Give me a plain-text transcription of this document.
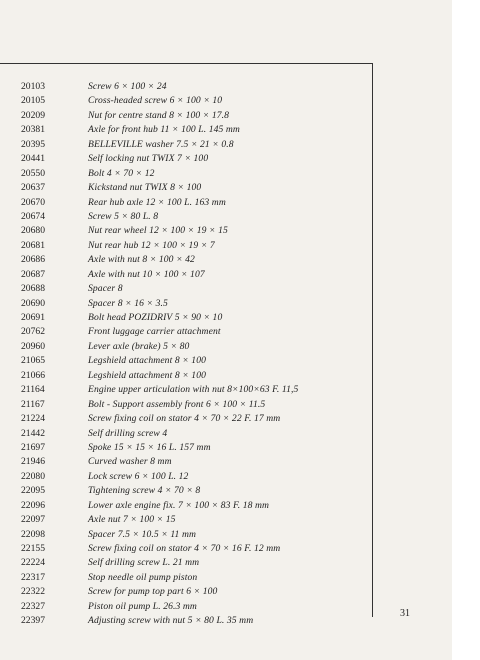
20103	Screw 6 × 100 × 24
20105	Cross-headed screw 6 × 100 × 10
20209	Nut for centre stand 8 × 100 × 17.8
20381	Axle for front hub 11 × 100 L. 145 mm
20395	BELLEVILLE washer 7.5 × 21 × 0.8
20441	Self locking nut TWIX 7 × 100
20550	Bolt 4 × 70 × 12
20637	Kickstand nut TWIX 8 × 100
20670	Rear hub axle 12 × 100 L. 163 mm
20674	Screw 5 × 80 L. 8
20680	Nut rear wheel 12 × 100 × 19 × 15
20681	Nut rear hub 12 × 100 × 19 × 7
20686	Axle with nut 8 × 100 × 42
20687	Axle with nut 10 × 100 × 107
20688	Spacer 8
20690	Spacer 8 × 16 × 3.5
20691	Bolt head POZIDRIV 5 × 90 × 10
20762	Front luggage carrier attachment
20960	Lever axle (brake) 5 × 80
21065	Legshield attachment 8 × 100
21066	Legshield attachment 8 × 100
21164	Engine upper articulation with nut 8×100×63 F. 11,5
21167	Bolt - Support assembly front 6 × 100 × 11.5
21224	Screw fixing coil on stator 4 × 70 × 22 F. 17 mm
21442	Self drilling screw 4
21697	Spoke 15 × 15 × 16 L. 157 mm
21946	Curved washer 8 mm
22080	Lock screw 6 × 100 L. 12
22095	Tightening screw 4 × 70 × 8
22096	Lower axle engine fix. 7 × 100 × 83 F. 18 mm
22097	Axle nut 7 × 100 × 15
22098	Spacer 7.5 × 10.5 × 11 mm
22155	Screw fixing coil on stator 4 × 70 × 16 F. 12 mm
22224	Self drilling screw L. 21 mm
22317	Stop needle oil pump piston
22322	Screw for pump top part 6 × 100
22327	Piston oil pump L. 26.3 mm
22397	Adjusting screw with nut 5 × 80 L. 35 mm
31
